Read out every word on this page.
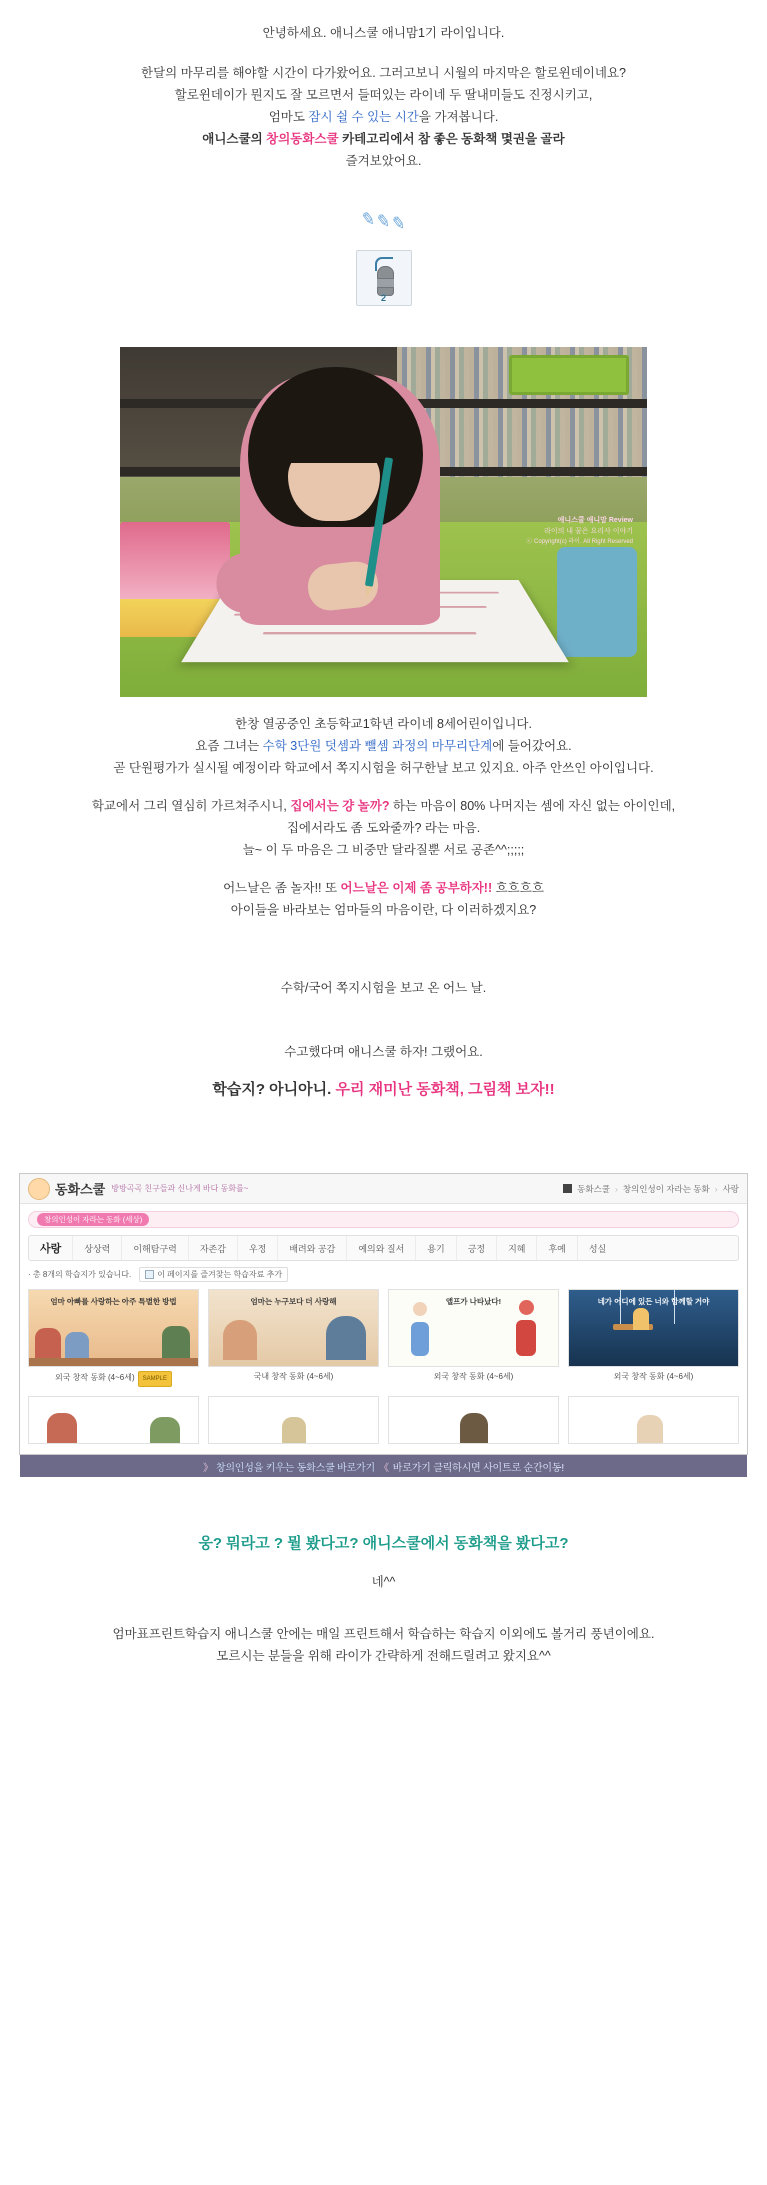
안녕하세요. 애니스쿨 애니맘1기 라이입니다.

한달의 마무리를 해야할 시간이 다가왔어요. 그러고보니 시월의 마지막은 할로윈데이네요?

할로윈데이가 뭔지도 잘 모르면서 들떠있는 라이네 두 딸내미들도 진정시키고,

엄마도 잠시 쉴 수 있는 시간을 가져봅니다.

애니스쿨의 창의동화스쿨 카테고리에서 참 좋은 동화책 몇권을 골라

즐겨보았어요.

✎✎✎
2
애니스쿨 애니맘 Review
라이의 내 꿈은 요리사 이야기
ⓒ Copyright(c) 라이. All Right Reserved

한창 열공중인 초등학교1학년 라이네 8세어린이입니다.

요즘 그녀는 수학 3단원 덧셈과 뺄셈 과정의 마무리단계에 들어갔어요.

곧 단원평가가 실시될 예정이라 학교에서 쪽지시험을 허구한날 보고 있지요. 아주 안쓰인 아이입니다.

학교에서 그리 열심히 가르쳐주시니, 집에서는 걍 놀까? 하는 마음이 80% 나머지는 셈에 자신 없는 아이인데,

집에서라도 좀 도와줄까? 라는 마음.

늘~ 이 두 마음은 그 비중만 달라질뿐 서로 공존^^;;;;;

어느날은 좀 놀자!! 또 어느날은 이제 좀 공부하자!! 흐흐흐흐

아이들을 바라보는 엄마들의 마음이란, 다 이러하겠지요?

수학/국어 쪽지시험을 보고 온 어느 날.

수고했다며 애니스쿨 하자! 그랬어요.

학습지? 아니아니. 우리 재미난 동화책, 그림책 보자!!

동화스쿨 방방곡곡 친구들과 신나게 바다 동화를~	동화스쿨 › 창의인성이 자라는 동화 › 사랑
창의인성이 자라는 동화 (세상)
사랑	상상력	이해탐구력	자존감	우정	배려와 공감	예의와 질서	용기	긍정	지혜	후예	성실
· 총 8개의 학습지가 있습니다.	이 페이지를 즐겨찾는 학습자료 추가
엄마 아빠를 사랑하는 아주 특별한 방법
외국 창작 동화 (4~6세) SAMPLE
엄마는 누구보다 더 사랑해
국내 창작 동화 (4~6세)
앨프가 나타났다!
외국 창작 동화 (4~6세)
네가 어디에 있든 너와 함께할 거야
외국 창작 동화 (4~6세)
》 창의인성을 키우는 동화스쿨 바로가기 《 바로가기 클릭하시면 사이트로 순간이동!

웅? 뭐라고 ? 뭘 봤다고? 애니스쿨에서 동화책을 봤다고?

네^^

엄마표프린트학습지 애니스쿨 안에는 매일 프린트해서 학습하는 학습지 이외에도 볼거리 풍년이에요.

모르시는 분들을 위해 라이가 간략하게 전해드릴려고 왔지요^^
